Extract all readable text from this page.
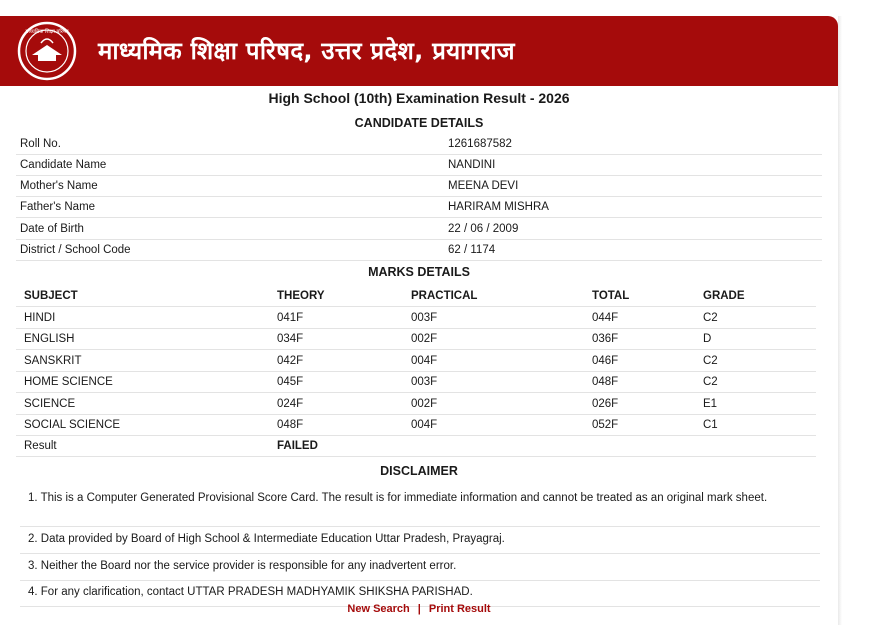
माध्यमिक शिक्षा परिषद
माध्यमिक शिक्षा परिषद, उत्तर प्रदेश, प्रयागराज
High School (10th) Examination Result - 2026
CANDIDATE DETAILS
Roll No.	1261687582
Candidate Name	NANDINI
Mother's Name	MEENA DEVI
Father's Name	HARIRAM MISHRA
Date of Birth	22 / 06 / 2009
District / School Code	62 / 1174
MARKS DETAILS
SUBJECT	THEORY	PRACTICAL	TOTAL	GRADE
HINDI	041F	003F	044F	C2
ENGLISH	034F	002F	036F	D
SANSKRIT	042F	004F	046F	C2
HOME SCIENCE	045F	003F	048F	C2
SCIENCE	024F	002F	026F	E1
SOCIAL SCIENCE	048F	004F	052F	C1
Result	FAILED
DISCLAIMER
1. This is a Computer Generated Provisional Score Card. The result is for immediate information and cannot be treated as an original mark sheet.
2. Data provided by Board of High School & Intermediate Education Uttar Pradesh, Prayagraj.
3. Neither the Board nor the service provider is responsible for any inadvertent error.
4. For any clarification, contact UTTAR PRADESH MADHYAMIK SHIKSHA PARISHAD.
New Search | Print Result
